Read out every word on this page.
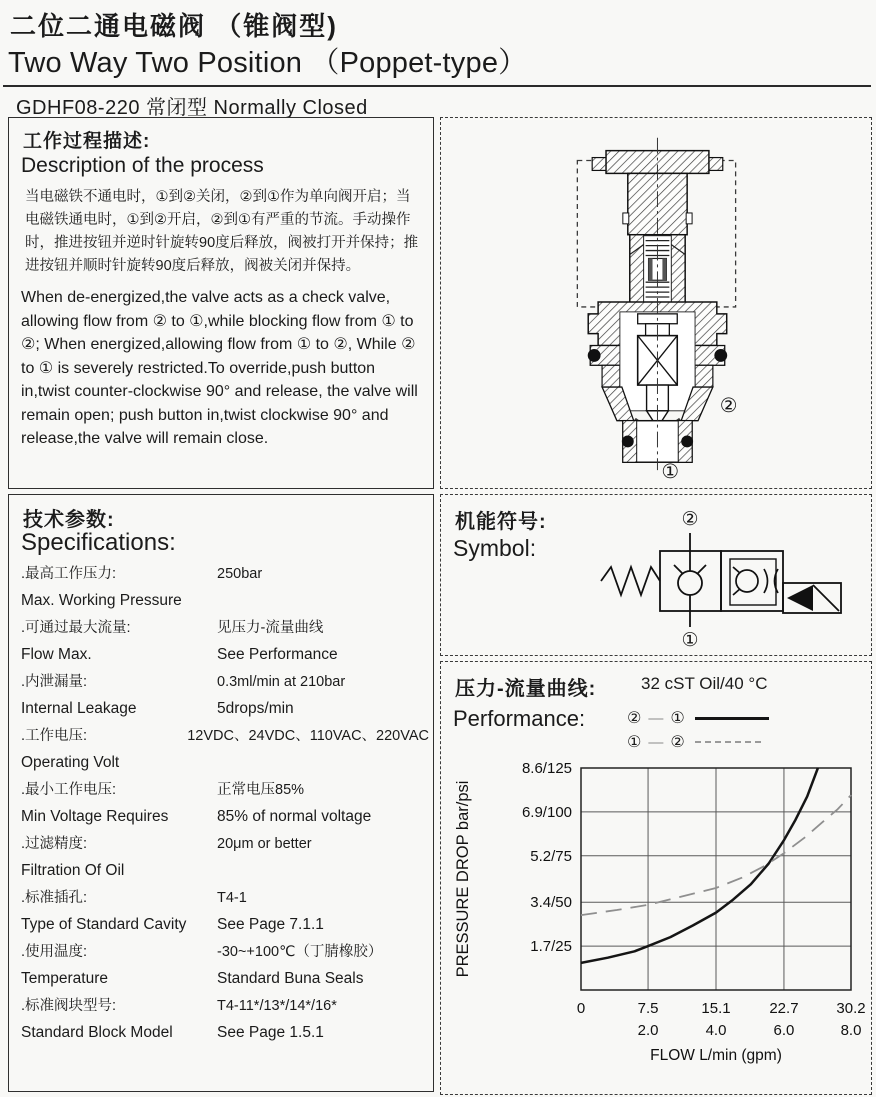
二位二通电磁阀 （锥阀型)
Two Way Two Position （Poppet-type）
GDHF08-220 常闭型 Normally Closed
工作过程描述:
Description of the process
当电磁铁不通电时，①到②关闭，②到①作为单向阀开启；当电磁铁通电时，①到②开启，②到①有严重的节流。手动操作时，推进按钮并逆时针旋转90度后释放，阀被打开并保持；推进按钮并顺时针旋转90度后释放，阀被关闭并保持。
When de-energized,the valve acts as a check valve, allowing flow from ② to ①,while blocking flow from ① to ②; When energized,allowing flow from ① to ②, While ② to ① is severely restricted.To override,push button in,twist counter-clockwise 90° and release, the valve will remain open; push button in,twist clockwise 90° and release,the valve will remain close.
②
①
技术参数:
Specifications:
.最高工作压力:
Max. Working Pressure
250bar
.可通过最大流量:
Flow Max.
见压力-流量曲线
See Performance
.内泄漏量:
Internal Leakage
0.3ml/min at 210bar
5drops/min
.工作电压:
Operating Volt
12VDC、24VDC、110VAC、220VAC
.最小工作电压:
Min Voltage Requires
正常电压85%
85% of normal voltage
.过滤精度:
Filtration Of Oil
20μm or better
.标准插孔:
Type of Standard Cavity
T4-1
See Page 7.1.1
.使用温度:
Temperature
-30~+100℃（丁腈橡胶）
Standard Buna Seals
.标准阀块型号:
Standard Block Model
T4-11*/13*/14*/16*
See Page 1.5.1
机能符号:
Symbol:
②
①
压力-流量曲线:
Performance:
32 cST Oil/40 °C
② — ①
① — ②
1.7/25
3.4/50
5.2/75
6.9/100
8.6/125
0	7.5
2.0
15.1
4.0
22.7
6.0
30.2
8.0
PRESSURE DROP bar/psi
FLOW L/min (gpm)
